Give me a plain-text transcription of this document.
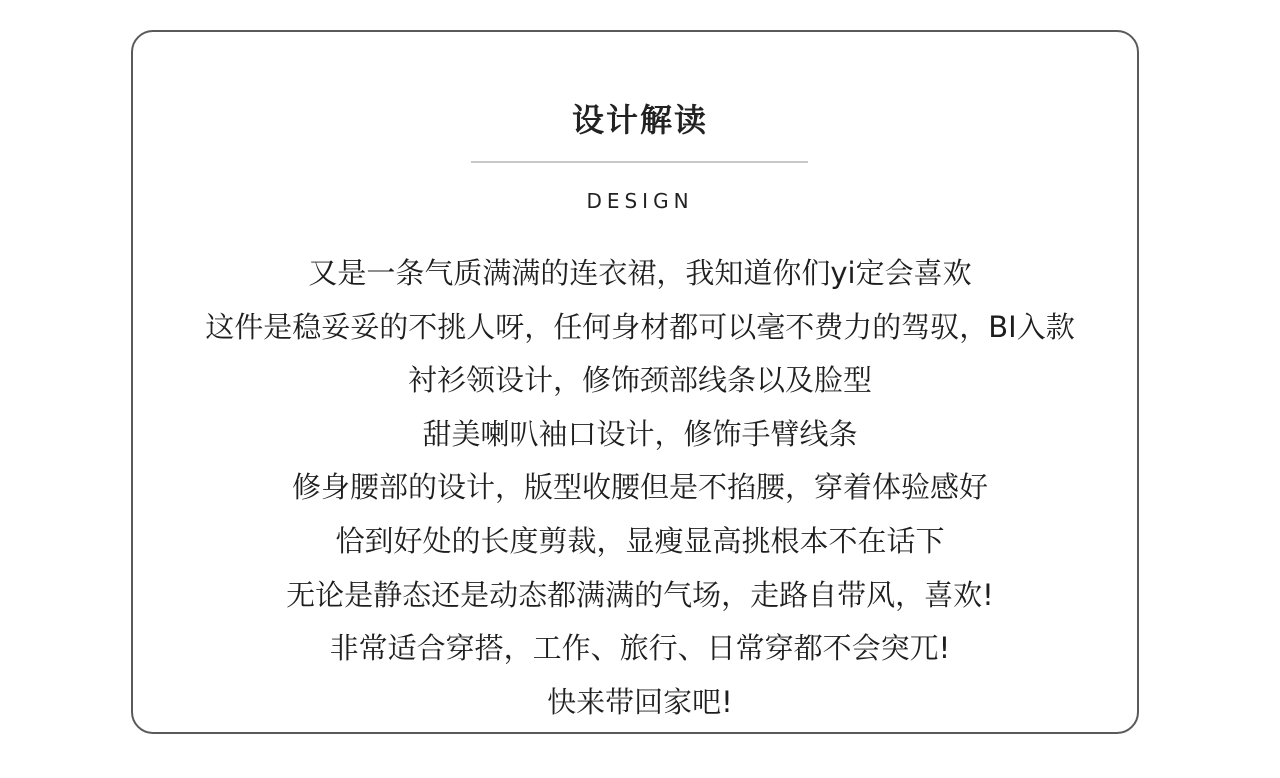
设计解读
DESIGN
又是一条气质满满的连衣裙，我知道你们yi定会喜欢
这件是稳妥妥的不挑人呀，任何身材都可以毫不费力的驾驭，BI入款
衬衫领设计，修饰颈部线条以及脸型
甜美喇叭袖口设计，修饰手臂线条
修身腰部的设计，版型收腰但是不掐腰，穿着体验感好
恰到好处的长度剪裁，显瘦显高挑根本不在话下
无论是静态还是动态都满满的气场，走路自带风，喜欢!
非常适合穿搭，工作、旅行、日常穿都不会突兀!
快来带回家吧!
